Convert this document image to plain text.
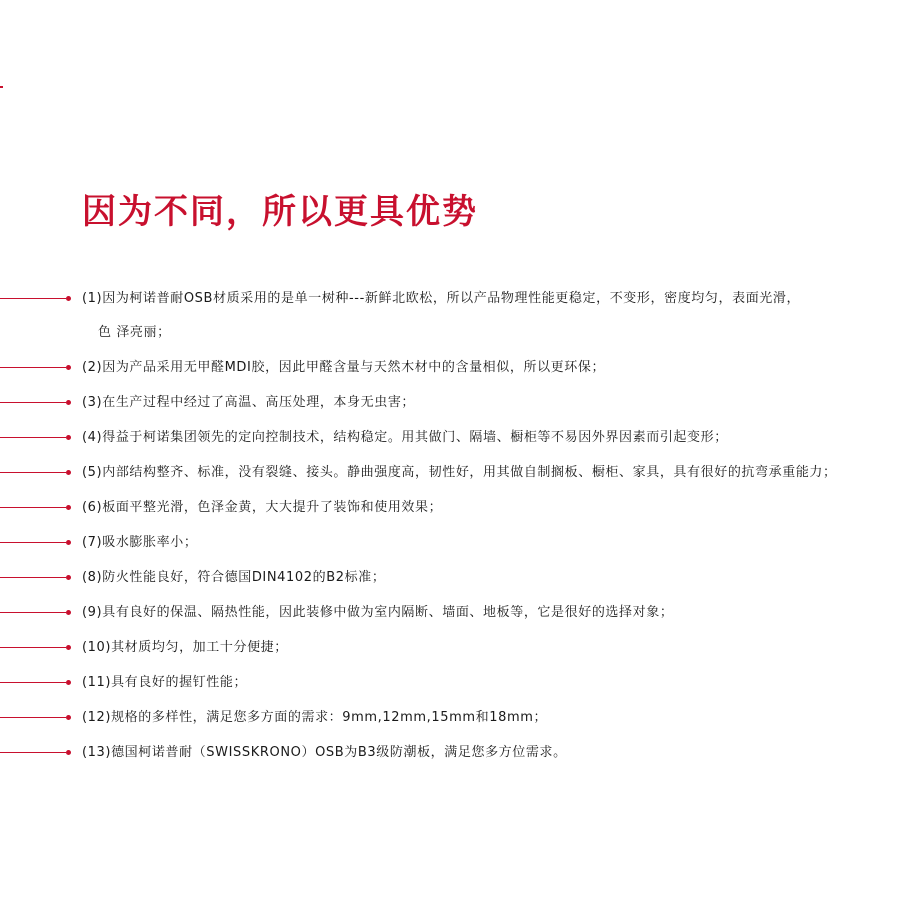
因为不同，所以更具优势
(1)因为柯诺普耐OSB材质采用的是单一树种---新鲜北欧松，所以产品物理性能更稳定，不变形，密度均匀，表面光滑，
色 泽亮丽；
(2)因为产品采用无甲醛MDI胶，因此甲醛含量与天然木材中的含量相似，所以更环保；
(3)在生产过程中经过了高温、高压处理，本身无虫害；
(4)得益于柯诺集团领先的定向控制技术，结构稳定。用其做门、隔墙、橱柜等不易因外界因素而引起变形；
(5)内部结构整齐、标准，没有裂缝、接头。静曲强度高，韧性好，用其做自制搁板、橱柜、家具，具有很好的抗弯承重能力；
(6)板面平整光滑，色泽金黄，大大提升了装饰和使用效果；
(7)吸水膨胀率小；
(8)防火性能良好，符合德国DIN4102的B2标准；
(9)具有良好的保温、隔热性能，因此装修中做为室内隔断、墙面、地板等，它是很好的选择对象；
(10)其材质均匀，加工十分便捷；
(11)具有良好的握钉性能；
(12)规格的多样性，满足您多方面的需求：9mm,12mm,15mm和18mm；
(13)德国柯诺普耐（SWISSKRONO）OSB为B3级防潮板，满足您多方位需求。
